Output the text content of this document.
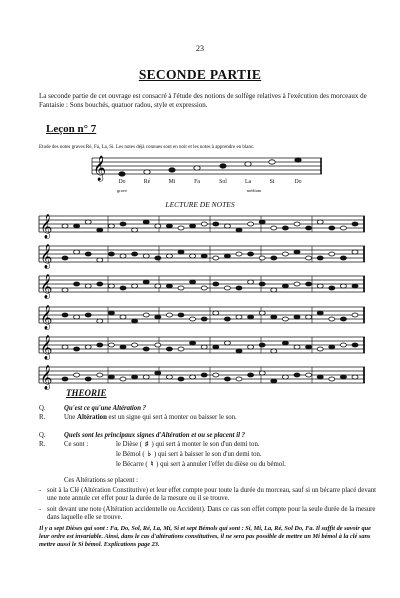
23
SECONDE PARTIE
La seconde partie de cet ouvrage est consacré à l'étude des notions de solfège relatives à l'exécution des morceaux de Fantaisie : Sons bouchés, quatuor radou, style et expression.
Leçon n° 7
Etude des notes graves Ré, Fa, La, Si. Les notes déjà connues sont en noir et les notes à apprendre en blanc.
𝄞
Do	Ré	Mi	Fa	Sol	La	Si	Do
grave	médium
LECTURE DE NOTES
𝄞
𝄞
𝄞
𝄞
𝄞
𝄞
THEORIE
Q.	Qu'est ce qu'une Altération ?
R.	Une Altération est un signe qui sert à monter ou baisser le son.
Q.	Quels sont les principaux signes d'Altération et ou se placent il ?
R.	Ce sont :	le Dièse ( ♯ ) qui sert à monter le son d'un demi ton.
le Bémol ( ♭ ) qui sert à baisser le son d'un demi ton.
le Bécarre ( ♮ ) qui sert à annuler l'effet du dièse ou du bémol.
Ces Altérations se placent :
- soit à la Clé (Altération Constitutive) et leur effet compte pour toute la durée du morceau, sauf si un bécarre placé devant une note annule cet effet pour la durée de la mesure ou il se trouve.
- soit devant une note (Altération accidentelle ou Accident). Dans ce cas son effet compte pour la seule durée de la mesure dans laquelle elle se trouve.
Il y a sept Dièses qui sont : Fa, Do, Sol, Ré, La, Mi, Si et sept Bémols qui sont : Si, Mi, La, Ré, Sol Do, Fa. Il suffit de savoir que leur ordre est invariable. Ainsi, dans le cas d'altérations constitutives, il ne sera pas possible de mettre un Mi bémol à la clé sans mettre aussi le Si bémol. Explications page 23.
